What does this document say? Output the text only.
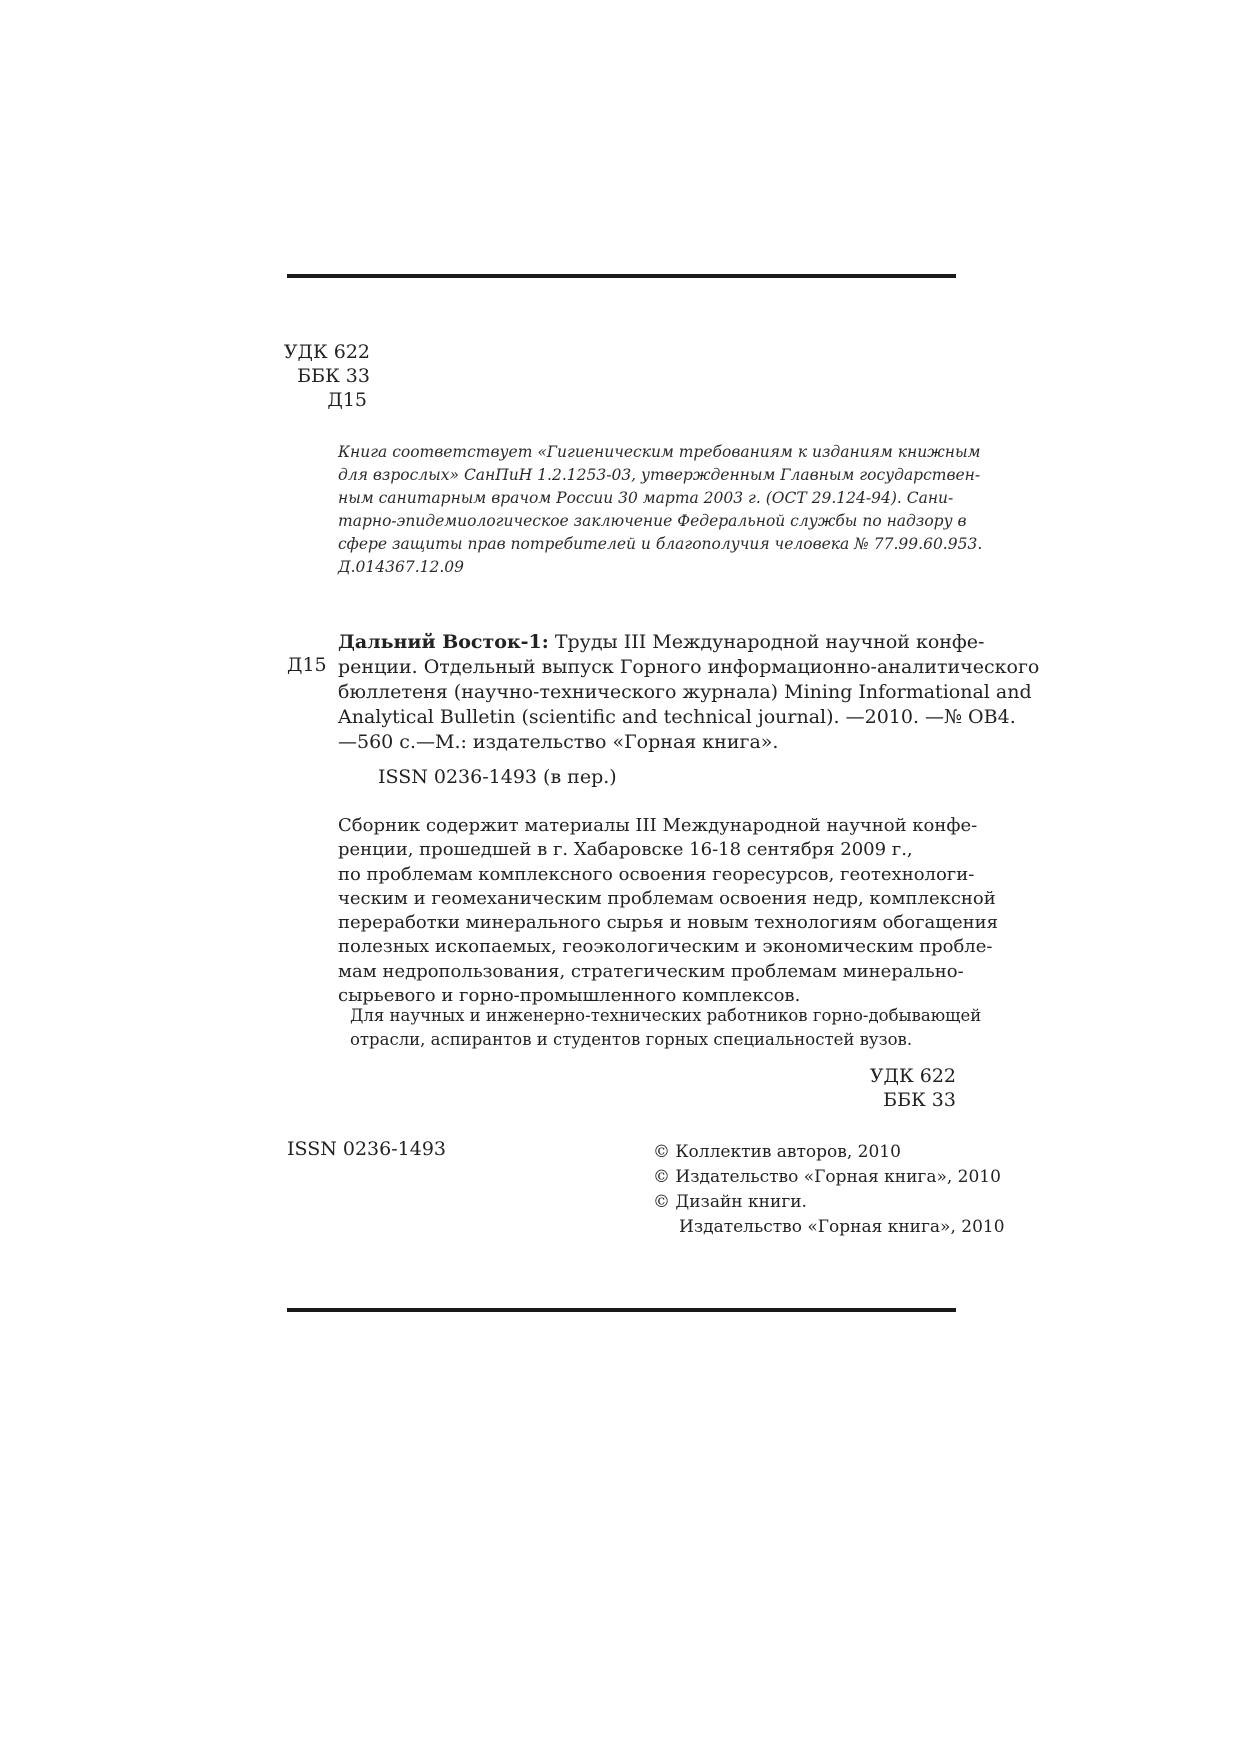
УДК 622
ББК 33
Д15
Книга соответствует «Гигиеническим требованиям к изданиям книжным
для взрослых» СанПиН 1.2.1253-03, утвержденным Главным государствен-
ным санитарным врачом России 30 марта 2003 г. (ОСТ 29.124-94). Сани-
тарно-эпидемиологическое заключение Федеральной службы по надзору в
сфере защиты прав потребителей и благополучия человека № 77.99.60.953.
Д.014367.12.09
Д15
Дальний Восток-1: Труды III Международной научной конфе-
ренции. Отдельный выпуск Горного информационно-аналитического
бюллетеня (научно-технического журнала) Mining Informational and
Analytical Bulletin (scientific and technical journal). —2010. —№ ОВ4.
—560 с.—М.: издательство «Горная книга».
ISSN 0236-1493 (в пер.)
Сборник содержит материалы III Международной научной конфе-
ренции, прошедшей в г. Хабаровске 16-18 сентября 2009 г.,
по проблемам комплексного освоения георесурсов, геотехнологи-
ческим и геомеханическим проблемам освоения недр, комплексной
переработки минерального сырья и новым технологиям обогащения
полезных ископаемых, геоэкологическим и экономическим пробле-
мам недропользования, стратегическим проблемам минерально-
сырьевого и горно-промышленного комплексов.
Для научных и инженерно-технических работников горно-добывающей
отрасли, аспирантов и студентов горных специальностей вузов.
УДК 622
ББК 33
ISSN 0236-1493	© Коллектив авторов, 2010
© Издательство «Горная книга», 2010
© Дизайн книги.
Издательство «Горная книга», 2010
